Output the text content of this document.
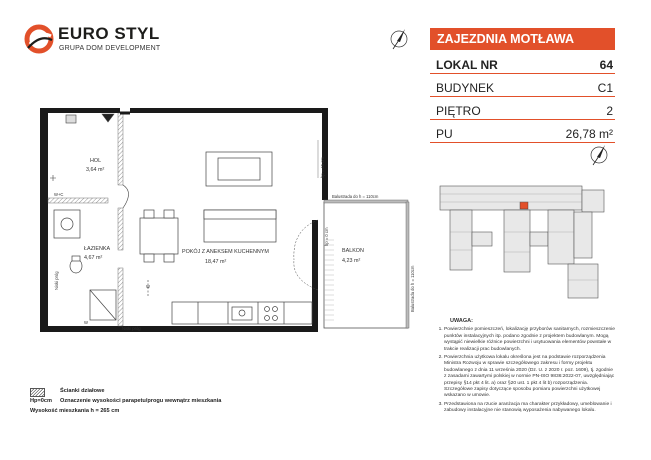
EURO STYL
GRUPA DOM DEVELOPMENT
ZAJEZDNIA MOTŁAWA
LOKAL NR	64
BUDYNEK	C1
PIĘTRO	2
PU	26,78 m²
UWAGA:
1. Powierzchnie pomieszczeń, lokalizację przyborów sanitarnych, rozmieszczenie punktów instalacyjnych itp. podano zgodnie z projektem budowlanym. Mogą wystąpić niewielkie różnice powierzchni i usytuowania elementów powstałe w trakcie realizacji prac budowlanych.
2. Powierzchnia użytkowa lokalu określona jest na podstawie rozporządzenia Ministra Rozwoju w sprawie szczegółowego zakresu i formy projektu budowlanego z dnia 11 września 2020 (Dz. U. z 2020 r. poz. 1609), tj. zgodnie z zasadami zawartymi polskiej w normie PN-ISO 9836:2022-07, uwzględniając przepisy §14 pkt 4 lit. a) oraz §20 ust. 1 pkt 4 lit b) rozporządzenia. Szczegółowe zapisy dotyczące sposobu pomiaru powierzchni użytkowej wskazano w umowie.
3. Przedstawiona na rzucie aranżacja ma charakter przykładowy, umeblowanie i zabudowy instalacyjne nie stanowią wyposażenia nabywanego lokalu.
Ścianki działowe
Hp=0cm	Oznaczenie wysokości parapetu/progu wewnątrz mieszkania
Wysokość mieszkania h = 265 cm
HOL
3,64 m²
ŁAZIENKA
4,67 m²
POKÓJ Z ANEKSEM KUCHENNYM
18,47 m²
BALKON
4,23 m²
hp = 45 cm
hp = 0 cm
Balustrada do h = 110cm
Balustrada do h = 110cm
W+C
Niski próg
Niski próg
W
W
